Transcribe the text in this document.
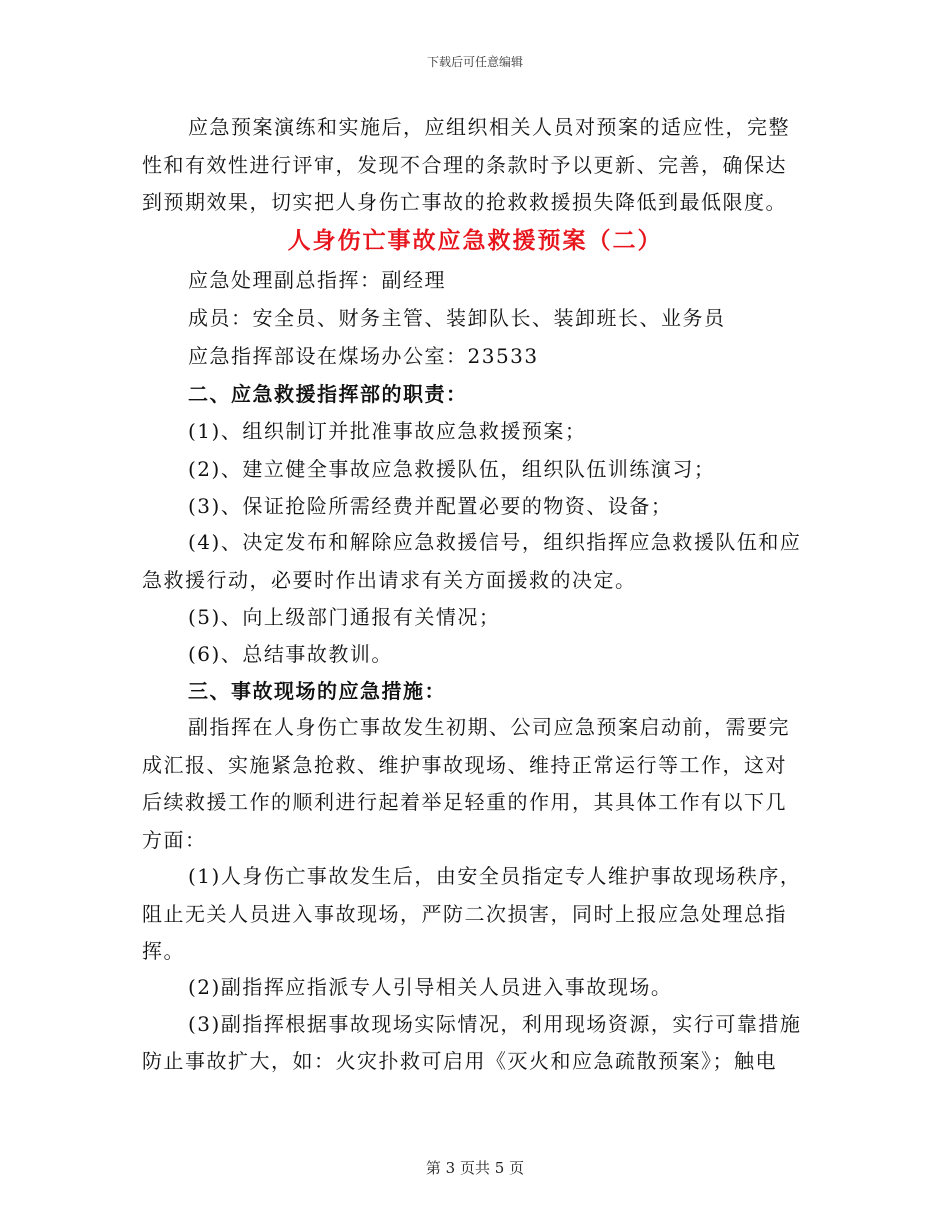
下载后可任意编辑
应急预案演练和实施后，应组织相关人员对预案的适应性，完整
性和有效性进行评审，发现不合理的条款时予以更新、完善，确保达
到预期效果，切实把人身伤亡事故的抢救救援损失降低到最低限度。
人身伤亡事故应急救援预案（二）
应急处理副总指挥：副经理
成员：安全员、财务主管、装卸队长、装卸班长、业务员
应急指挥部设在煤场办公室：23533
二、应急救援指挥部的职责：
(1)、组织制订并批准事故应急救援预案；
(2)、建立健全事故应急救援队伍，组织队伍训练演习；
(3)、保证抢险所需经费并配置必要的物资、设备；
(4)、决定发布和解除应急救援信号，组织指挥应急救援队伍和应
急救援行动，必要时作出请求有关方面援救的决定。
(5)、向上级部门通报有关情况；
(6)、总结事故教训。
三、事故现场的应急措施：
副指挥在人身伤亡事故发生初期、公司应急预案启动前，需要完
成汇报、实施紧急抢救、维护事故现场、维持正常运行等工作，这对
后续救援工作的顺利进行起着举足轻重的作用，其具体工作有以下几
方面：
(1)人身伤亡事故发生后，由安全员指定专人维护事故现场秩序，
阻止无关人员进入事故现场，严防二次损害，同时上报应急处理总指
挥。
(2)副指挥应指派专人引导相关人员进入事故现场。
(3)副指挥根据事故现场实际情况，利用现场资源，实行可靠措施
防止事故扩大，如：火灾扑救可启用《灭火和应急疏散预案》；触电
第 3 页共 5 页
